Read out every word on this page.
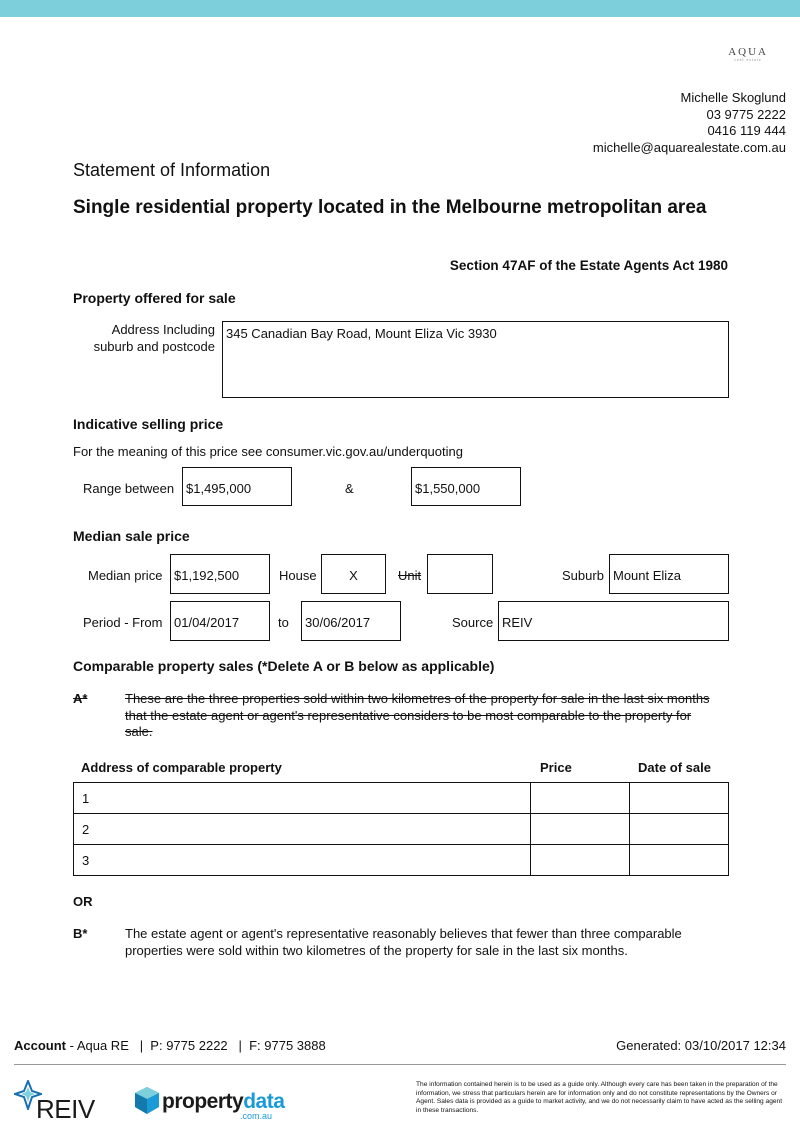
AQUA
real estate
Michelle Skoglund
03 9775 2222
0416 119 444
michelle@aquarealestate.com.au
Statement of Information
Single residential property located in the Melbourne metropolitan area
Section 47AF of the Estate Agents Act 1980
Property offered for sale
Address Including suburb and postcode
345 Canadian Bay Road, Mount Eliza Vic 3930
Indicative selling price
For the meaning of this price see consumer.vic.gov.au/underquoting
Range between $1,495,000	&	$1,550,000
Median sale price
Median price $1,192,500	House	X	Unit	Suburb Mount Eliza
Period - From 01/04/2017	to	30/06/2017	Source REIV
Comparable property sales (*Delete A or B below as applicable)
A*	These are the three properties sold within two kilometres of the property for sale in the last six months that the estate agent or agent's representative considers to be most comparable to the property for sale.
Address of comparable property	Price	Date of sale
1		
2		
3		
OR
B*	The estate agent or agent's representative reasonably believes that fewer than three comparable properties were sold within two kilometres of the property for sale in the last six months.
Account - Aqua RE   |  P: 9775 2222   |  F: 9775 3888	Generated: 03/10/2017 12:34
REIV	propertydata
.com.au
The information contained herein is to be used as a guide only. Although every care has been taken in the preparation of the information, we stress that particulars herein are for information only and do not constitute representations by the Owners or Agent. Sales data is provided as a guide to market activity, and we do not necessarily claim to have acted as the selling agent in these transactions.
